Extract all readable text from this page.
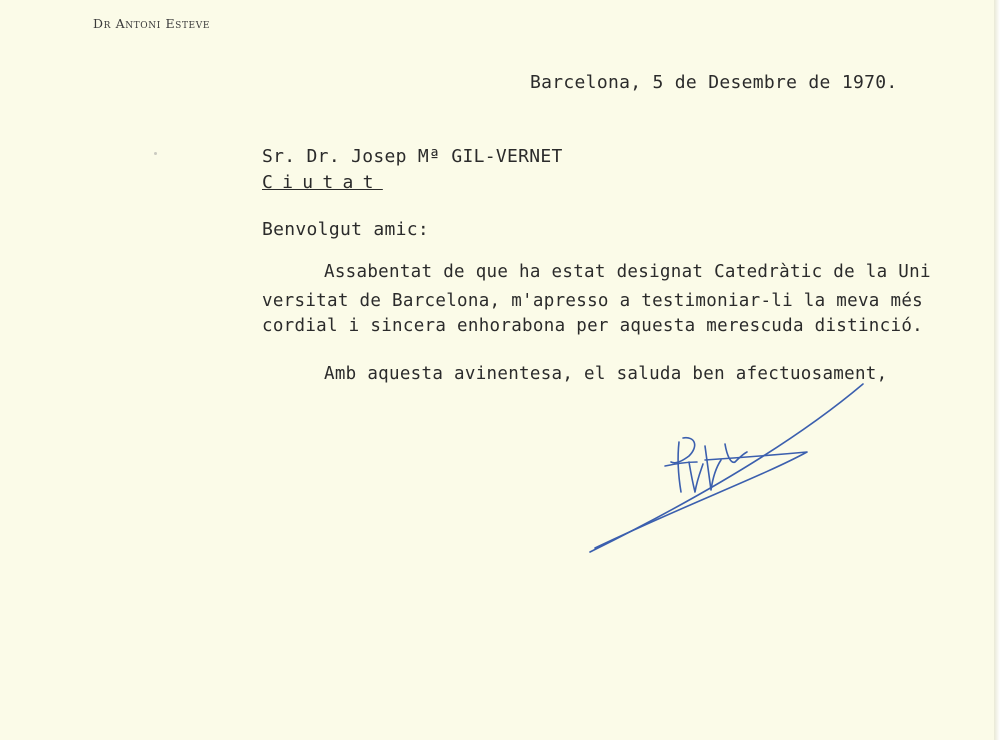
Dr Antoni Esteve
Barcelona, 5 de Desembre de 1970.
Sr. Dr. Josep Mª GIL-VERNET
Ciutat
Benvolgut amic:
Assabentat de que ha estat designat Catedràtic de la Uni
versitat de Barcelona, m'apresso a testimoniar-li la meva més
cordial i sincera enhorabona per aquesta merescuda distinció.
Amb aquesta avinentesa, el saluda ben afectuosament,
